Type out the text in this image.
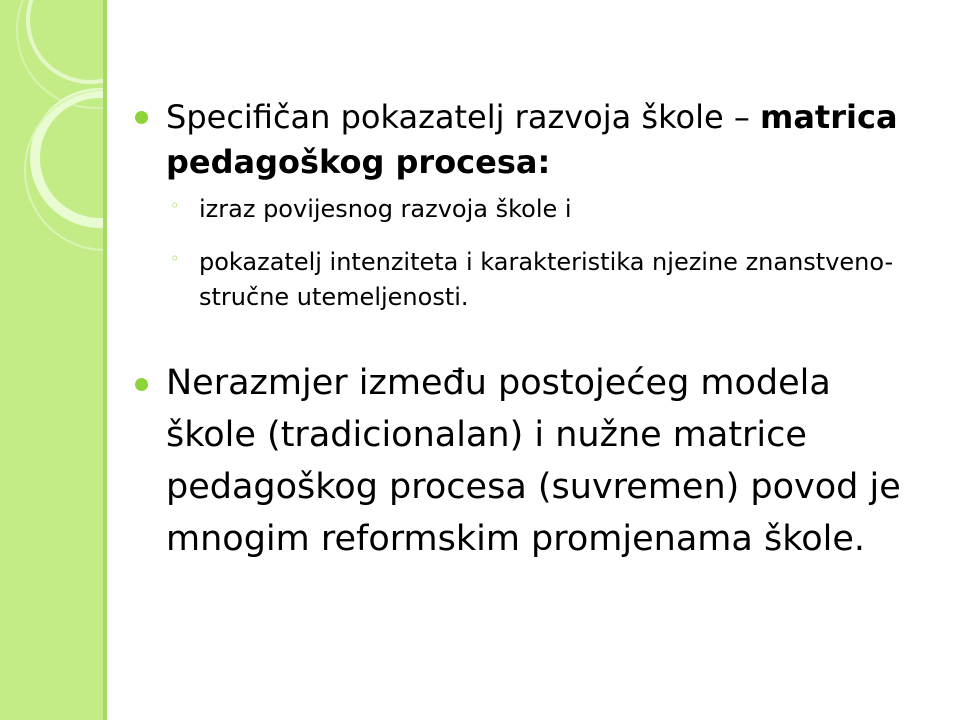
Specifičan pokazatelj razvoja škole – matrica pedagoškog procesa:
◦ izraz povijesnog razvoja škole i
◦ pokazatelj intenziteta i karakteristika njezine znanstveno-stručne utemeljenosti.
Nerazmjer između postojećeg modela škole (tradicionalan) i nužne matrice pedagoškog procesa (suvremen) povod je mnogim reformskim promjenama škole.
